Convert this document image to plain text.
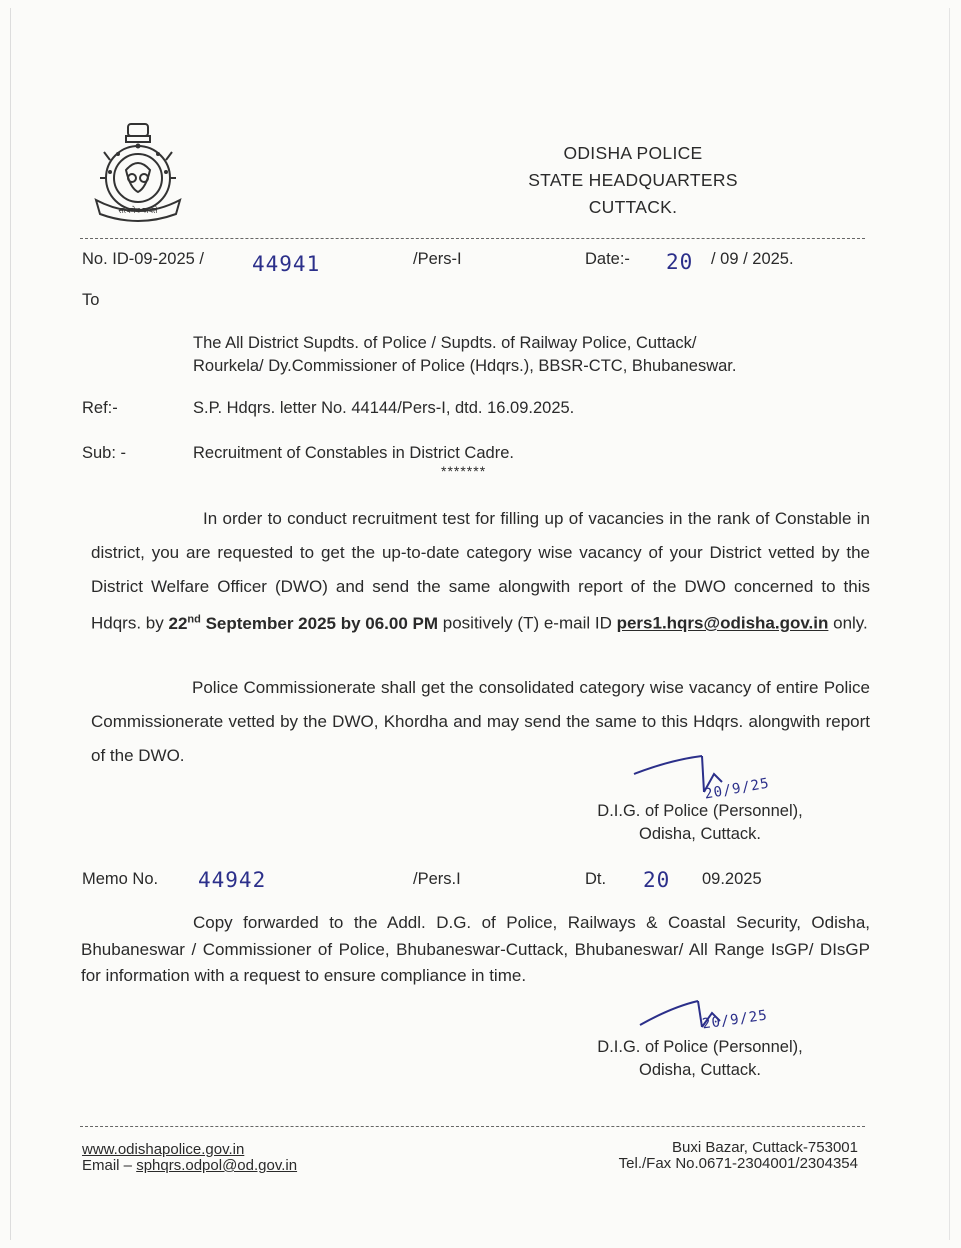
सत्यमेव जयते
ODISHA POLICE
STATE HEADQUARTERS
CUTTACK.
No. ID-09-2025 / 44941	/Pers-I	Date:- 20 / 09 / 2025.
To
The All District Supdts. of Police / Supdts. of Railway Police, Cuttack/
Rourkela/ Dy.Commissioner of Police (Hdqrs.), BBSR-CTC, Bhubaneswar.
Ref:-	S.P. Hdqrs. letter No. 44144/Pers-I, dtd. 16.09.2025.
Sub: -	Recruitment of Constables in District Cadre.
*******
In order to conduct recruitment test for filling up of vacancies in the rank of Constable in district, you are requested to get the up-to-date category wise vacancy of your District vetted by the District Welfare Officer (DWO) and send the same alongwith report of the DWO concerned to this Hdqrs. by 22nd September 2025 by 06.00 PM positively (T) e-mail ID pers1.hqrs@odisha.gov.in only.
Police Commissionerate shall get the consolidated category wise vacancy of entire Police Commissionerate vetted by the DWO, Khordha and may send the same to this Hdqrs. alongwith report of the DWO.
20/9/25
D.I.G. of Police (Personnel),
Odisha, Cuttack.
Memo No. 44942	/Pers.I	Dt. 20 09.2025
Copy forwarded to the Addl. D.G. of Police, Railways & Coastal Security, Odisha, Bhubaneswar / Commissioner of Police, Bhubaneswar-Cuttack, Bhubaneswar/ All Range IsGP/ DIsGP for information with a request to ensure compliance in time.
20/9/25
D.I.G. of Police (Personnel),
Odisha, Cuttack.
www.odishapolice.gov.in
Email – sphqrs.odpol@od.gov.in
Buxi Bazar, Cuttack-753001
Tel./Fax No.0671-2304001/2304354
